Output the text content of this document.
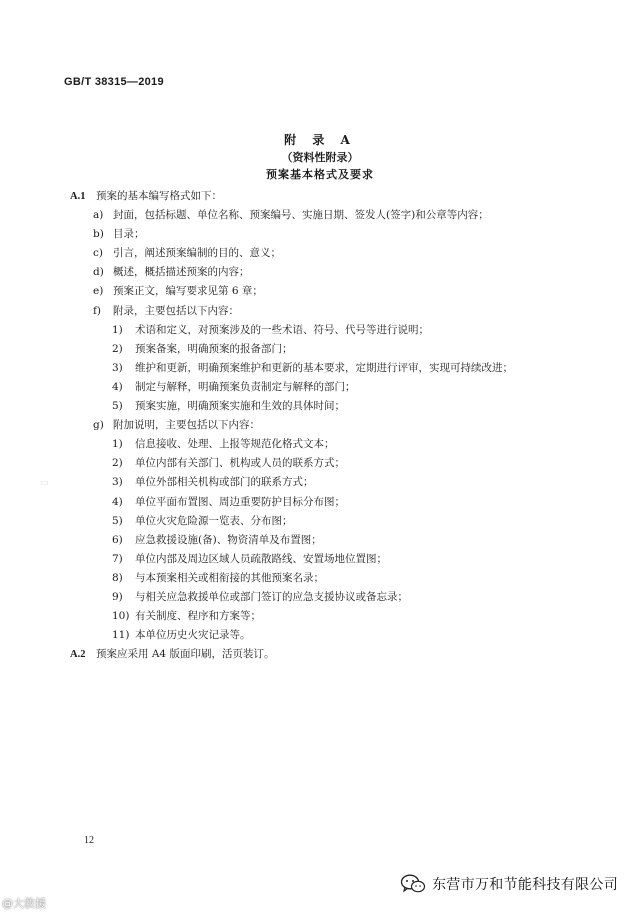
GB/T 38315—2019
附 录 A
（资料性附录）
预案基本格式及要求
A.1 预案的基本编写格式如下：
a) 封面，包括标题、单位名称、预案编号、实施日期、签发人(签字)和公章等内容；
b) 目录；
c) 引言，阐述预案编制的目的、意义；
d) 概述，概括描述预案的内容；
e) 预案正文，编写要求见第 6 章；
f) 附录，主要包括以下内容：
1) 术语和定义，对预案涉及的一些术语、符号、代号等进行说明；
2) 预案备案，明确预案的报备部门；
3) 维护和更新，明确预案维护和更新的基本要求，定期进行评审，实现可持续改进；
4) 制定与解释，明确预案负责制定与解释的部门；
5) 预案实施，明确预案实施和生效的具体时间；
g) 附加说明，主要包括以下内容：
1) 信息接收、处理、上报等规范化格式文本；
2) 单位内部有关部门、机构或人员的联系方式；
3) 单位外部相关机构或部门的联系方式；
4) 单位平面布置图、周边重要防护目标分布图；
5) 单位火灾危险源一览表、分布图；
6) 应急救援设施(备)、物资清单及布置图；
7) 单位内部及周边区域人员疏散路线、安置场地位置图；
8) 与本预案相关或相衔接的其他预案名录；
9) 与相关应急救援单位或部门签订的应急支援协议或备忘录；
10) 有关制度、程序和方案等；
11) 本单位历史火灾记录等。
A.2 预案应采用 A4 版面印刷，活页装订。
▭
12
@大救援
东营市万和节能科技有限公司
